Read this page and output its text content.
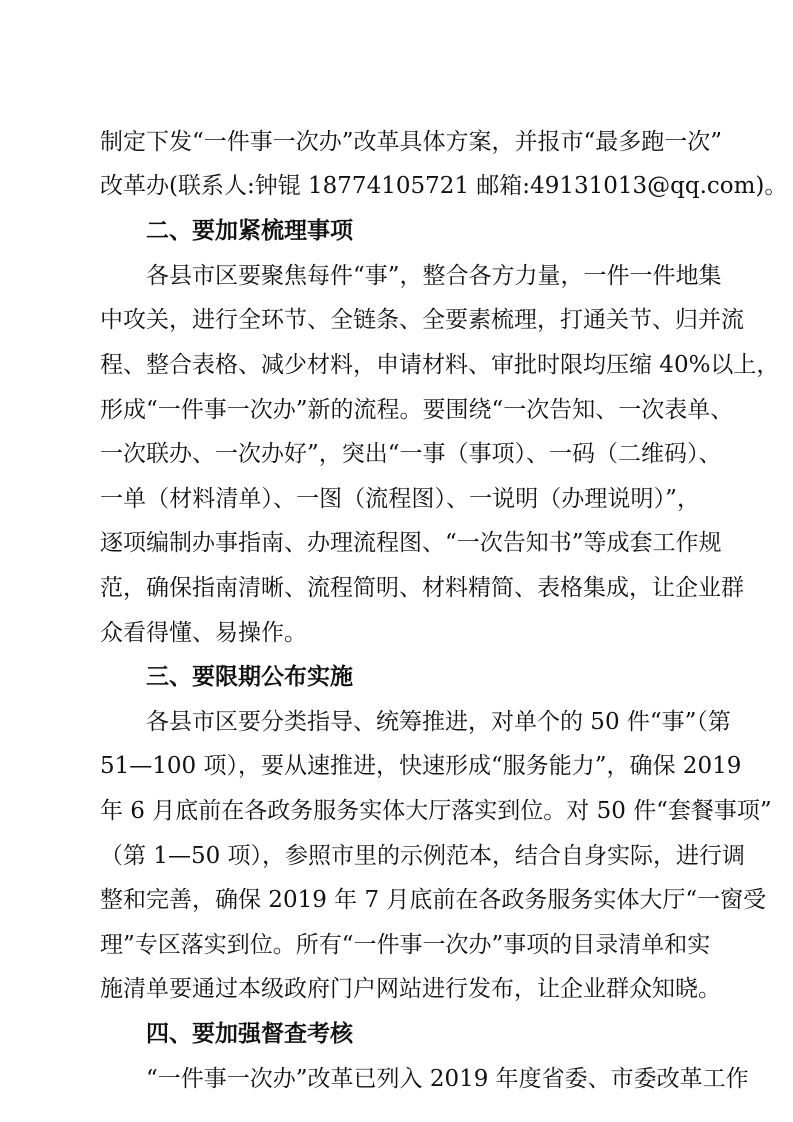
制定下发“一件事一次办”改革具体方案，并报市“最多跑一次”
改革办(联系人:钟锟 18774105721 邮箱:49131013@qq.com)。
二、要加紧梳理事项
各县市区要聚焦每件“事”，整合各方力量，一件一件地集
中攻关，进行全环节、全链条、全要素梳理，打通关节、归并流
程、整合表格、减少材料，申请材料、审批时限均压缩 40%以上，
形成“一件事一次办”新的流程。要围绕“一次告知、一次表单、
一次联办、一次办好”，突出“一事（事项）、一码（二维码）、
一单（材料清单）、一图（流程图）、一说明（办理说明）”，
逐项编制办事指南、办理流程图、“一次告知书”等成套工作规
范，确保指南清晰、流程简明、材料精简、表格集成，让企业群
众看得懂、易操作。
三、要限期公布实施
各县市区要分类指导、统筹推进，对单个的 50 件“事”（第
51—100 项），要从速推进，快速形成“服务能力”，确保 2019
年 6 月底前在各政务服务实体大厅落实到位。对 50 件“套餐事项”
（第 1—50 项），参照市里的示例范本，结合自身实际，进行调
整和完善，确保 2019 年 7 月底前在各政务服务实体大厅“一窗受
理”专区落实到位。所有“一件事一次办”事项的目录清单和实
施清单要通过本级政府门户网站进行发布，让企业群众知晓。
四、要加强督查考核
“一件事一次办”改革已列入 2019 年度省委、市委改革工作
